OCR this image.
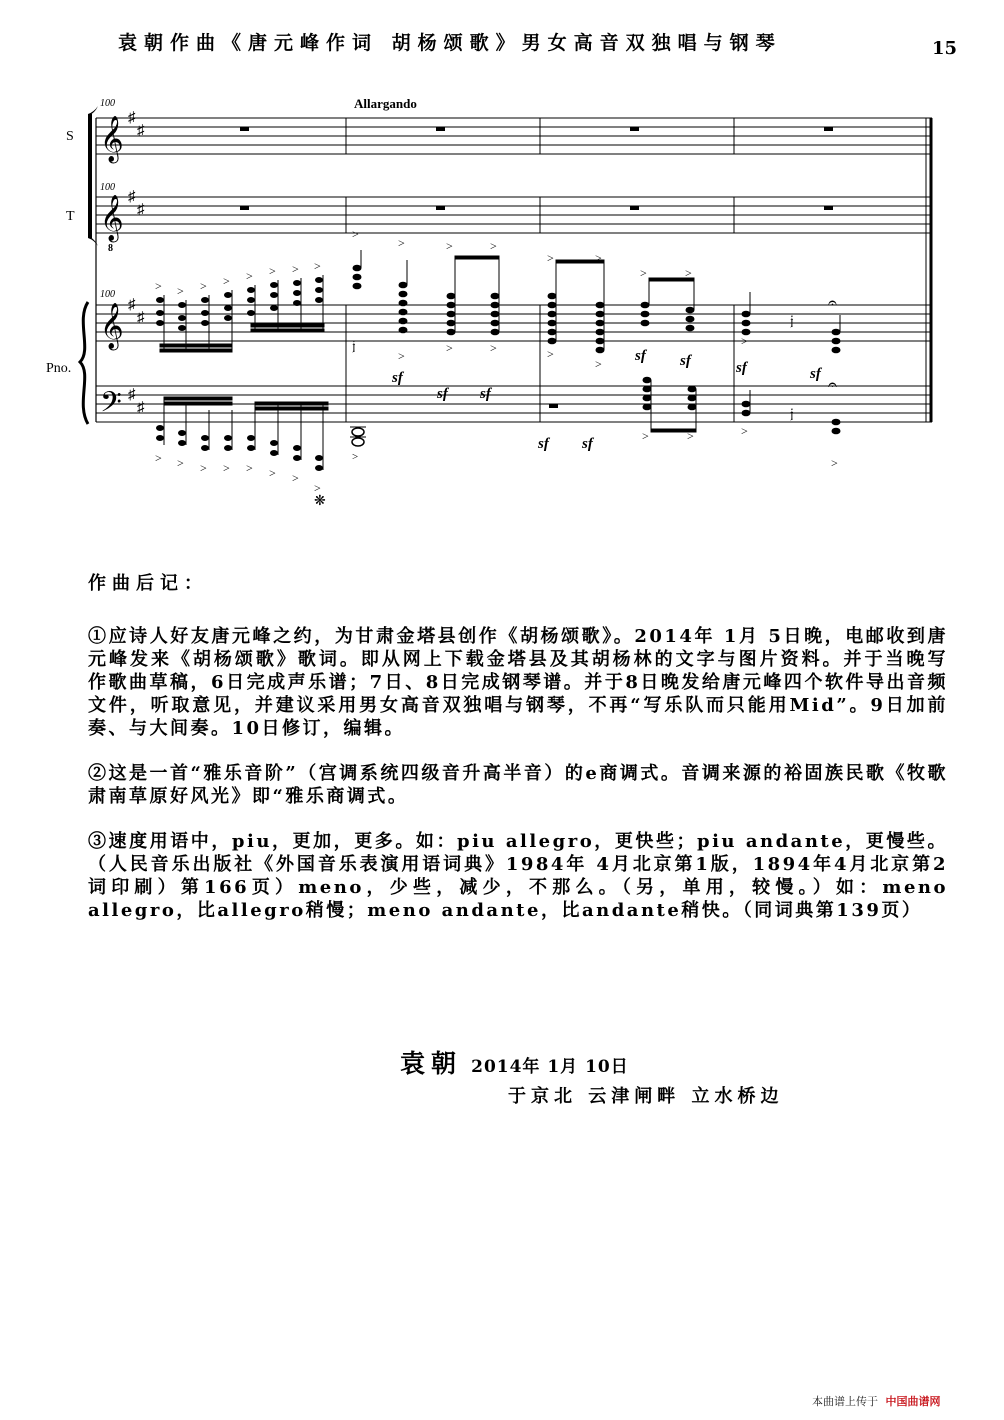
袁朝作曲《唐元峰作词 胡杨颂歌》男女高音双独唱与钢琴	15
S
T
Pno.
100
100
100
Allargando
𝄞
𝄞
8
𝄞
𝄢
♯
♯
♯
♯
♯
♯
♯
♯
> > > > > > > >
> > > > > > >
>
❋
>
𝔧
𝔧
𝔧
𝄐
𝄐
>
>	>	>
>	>
>	>
>
>	>	>
>
>	>	>
>
>
sf
sf sf
sf sf
sf sf	sf	sf

作曲后记：

①应诗人好友唐元峰之约，为甘肃金塔县创作《胡杨颂歌》。2014年 1月 5日晚，电邮收到唐元峰发来《胡杨颂歌》歌词。即从网上下载金塔县及其胡杨林的文字与图片资料。并于当晚写作歌曲草稿，6日完成声乐谱；7日、8日完成钢琴谱。并于8日晚发给唐元峰四个软件导出音频文件，听取意见，并建议采用男女高音双独唱与钢琴，不再“写乐队而只能用Mid”。9日加前奏、与大间奏。10日修订，编辑。

②这是一首“雅乐音阶”（宫调系统四级音升高半音）的e商调式。音调来源的裕固族民歌《牧歌 肃南草原好风光》即“雅乐商调式。

③速度用语中，piu，更加，更多。如：piu allegro，更快些；piu andante，更慢些。（人民音乐出版社《外国音乐表演用语词典》1984年 4月北京第1版，1894年4月北京第2词印刷）第166页）meno，少些，减少，不那么。（另，单用，较慢。）如：meno allegro，比allegro稍慢；meno andante，比andante稍快。（同词典第139页）

袁朝 2014年 1月 10日
于京北 云津闸畔 立水桥边
本曲谱上传于 中国曲谱网
